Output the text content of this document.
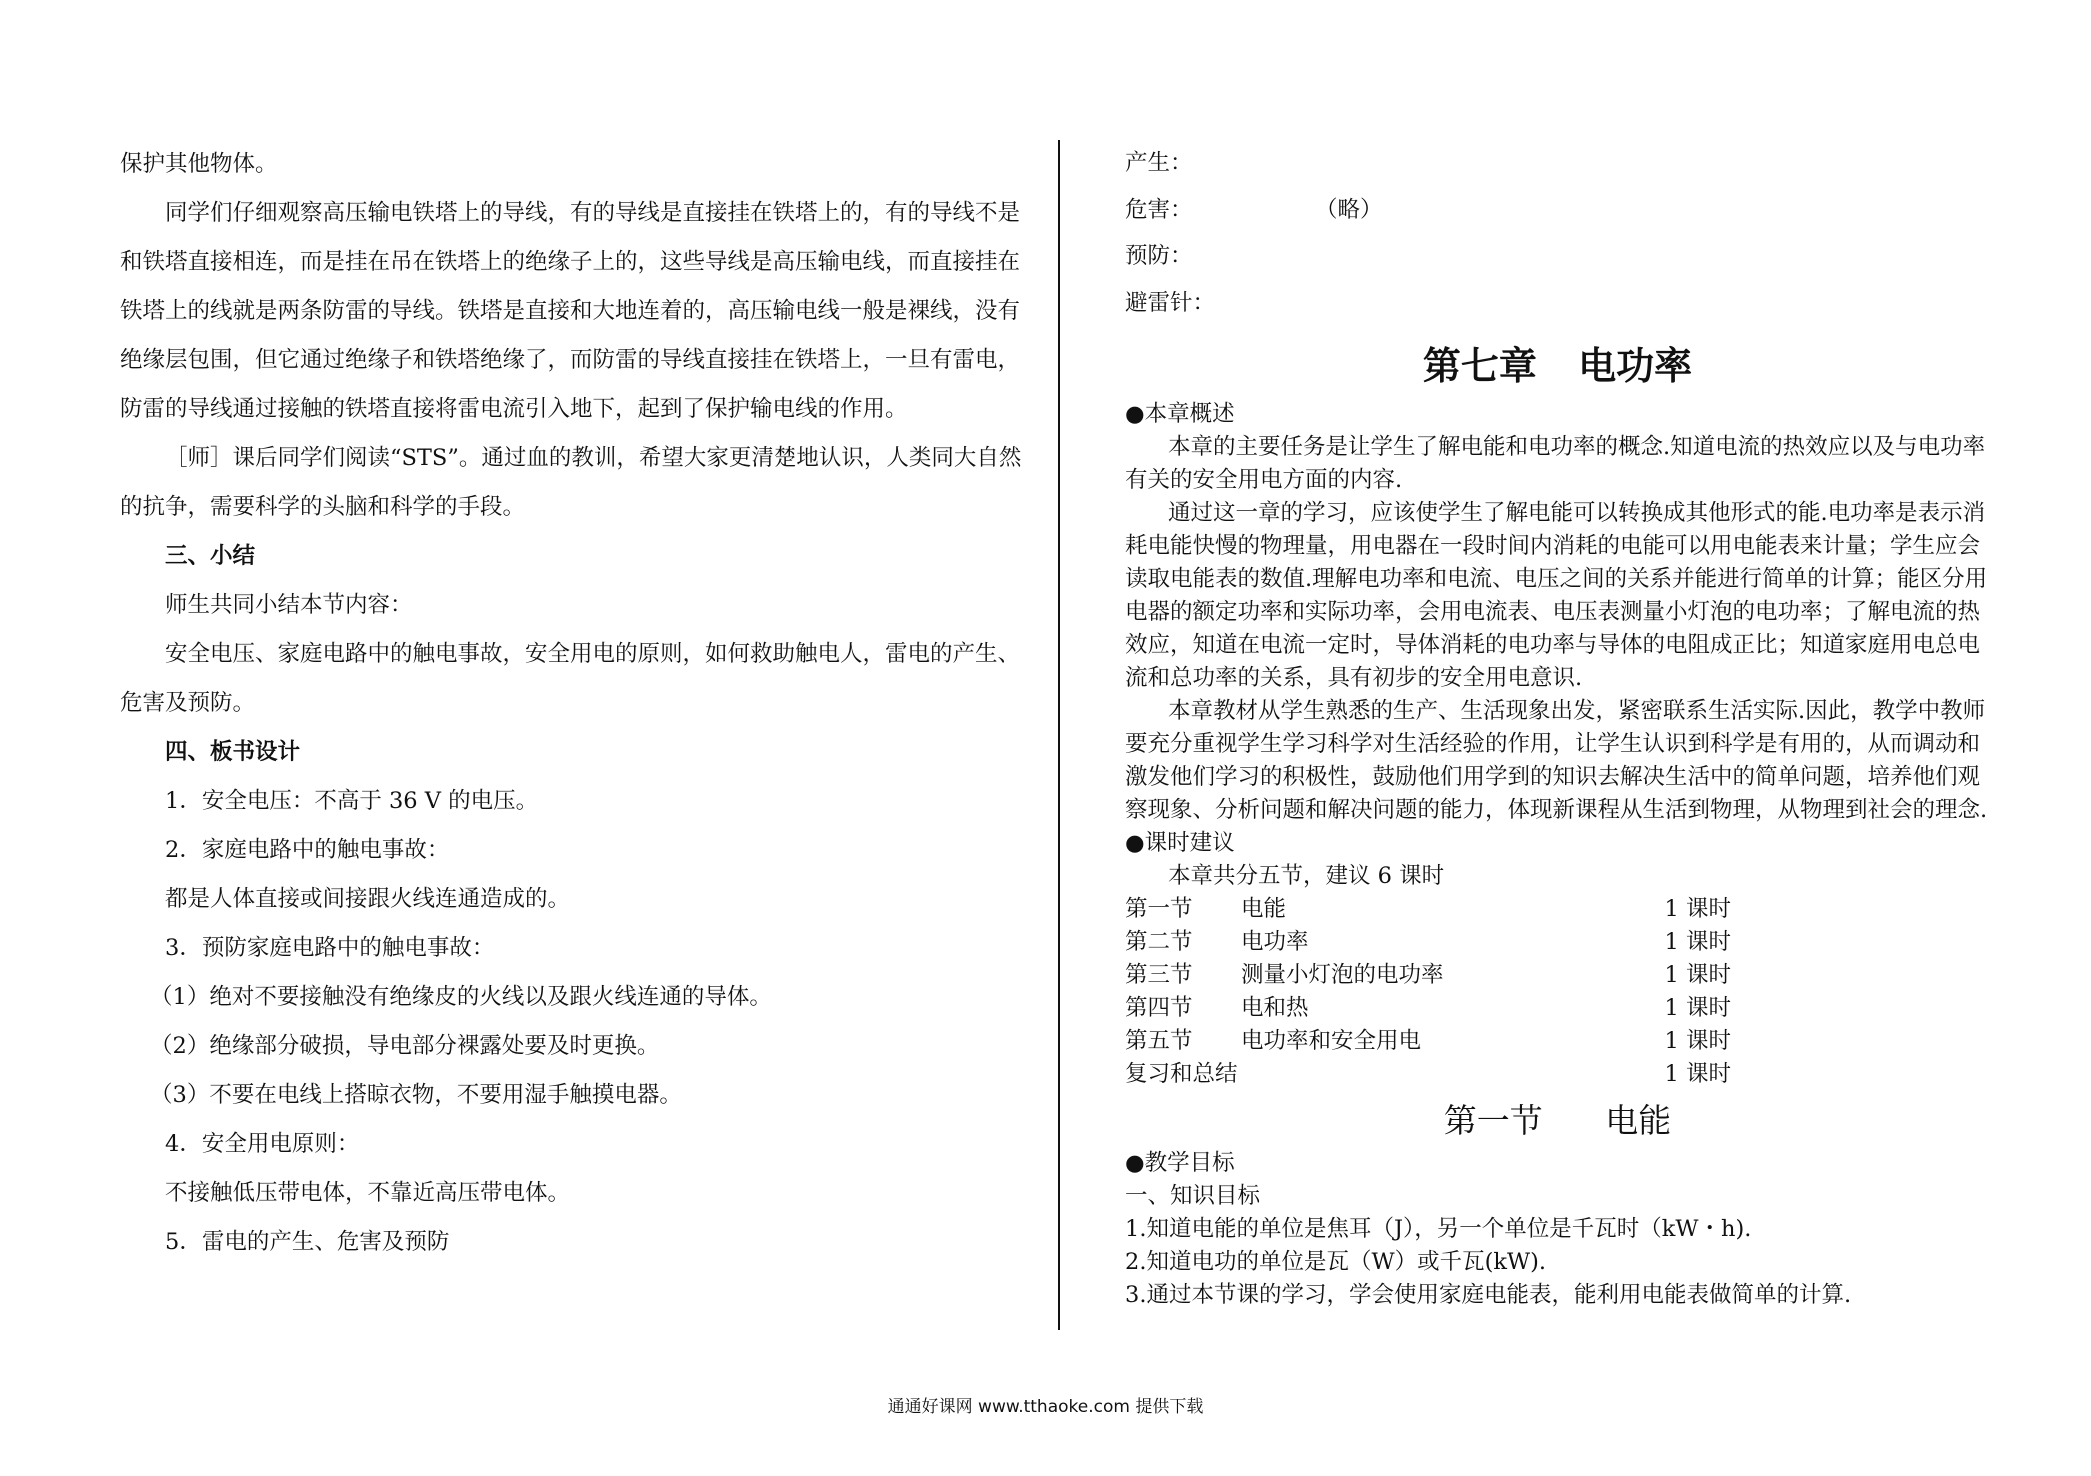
保护其他物体。

同学们仔细观察高压输电铁塔上的导线，有的导线是直接挂在铁塔上的，有的导线不是和铁塔直接相连，而是挂在吊在铁塔上的绝缘子上的，这些导线是高压输电线，而直接挂在铁塔上的线就是两条防雷的导线。铁塔是直接和大地连着的，高压输电线一般是裸线，没有绝缘层包围，但它通过绝缘子和铁塔绝缘了，而防雷的导线直接挂在铁塔上，一旦有雷电，防雷的导线通过接触的铁塔直接将雷电流引入地下，起到了保护输电线的作用。

［师］课后同学们阅读“STS”。通过血的教训，希望大家更清楚地认识，人类同大自然的抗争，需要科学的头脑和科学的手段。

三、小结

师生共同小结本节内容：

安全电压、家庭电路中的触电事故，安全用电的原则，如何救助触电人，雷电的产生、危害及预防。

四、板书设计

1．安全电压：不高于 36 V 的电压。

2．家庭电路中的触电事故：

都是人体直接或间接跟火线连通造成的。

3．预防家庭电路中的触电事故：

（1）绝对不要接触没有绝缘皮的火线以及跟火线连通的导体。

（2）绝缘部分破损，导电部分裸露处要及时更换。

（3）不要在电线上搭晾衣物，不要用湿手触摸电器。

4．安全用电原则：

不接触低压带电体，不靠近高压带电体。

5．雷电的产生、危害及预防

产生：

危害：	（略）

预防：

避雷针：

第七章 电功率

●本章概述

本章的主要任务是让学生了解电能和电功率的概念.知道电流的热效应以及与电功率有关的安全用电方面的内容.

通过这一章的学习，应该使学生了解电能可以转换成其他形式的能.电功率是表示消耗电能快慢的物理量，用电器在一段时间内消耗的电能可以用电能表来计量；学生应会读取电能表的数值.理解电功率和电流、电压之间的关系并能进行简单的计算；能区分用电器的额定功率和实际功率，会用电流表、电压表测量小灯泡的电功率；了解电流的热效应，知道在电流一定时，导体消耗的电功率与导体的电阻成正比；知道家庭用电总电流和总功率的关系，具有初步的安全用电意识.

本章教材从学生熟悉的生产、生活现象出发，紧密联系生活实际.因此，教学中教师要充分重视学生学习科学对生活经验的作用，让学生认识到科学是有用的，从而调动和激发他们学习的积极性，鼓励他们用学到的知识去解决生活中的简单问题，培养他们观察现象、分析问题和解决问题的能力，体现新课程从生活到物理，从物理到社会的理念.

●课时建议

本章共分五节，建议 6 课时

第一节	电能	1 课时

第二节	电功率	1 课时

第三节	测量小灯泡的电功率	1 课时

第四节	电和热	1 课时

第五节	电功率和安全用电	1 课时

复习和总结	1 课时

第一节 电能

●教学目标

一、知识目标

1.知道电能的单位是焦耳（J），另一个单位是千瓦时（kW・h).

2.知道电功的单位是瓦（W）或千瓦(kW).

3.通过本节课的学习，学会使用家庭电能表，能利用电能表做简单的计算.

通通好课网 www.tthaoke.com 提供下载
